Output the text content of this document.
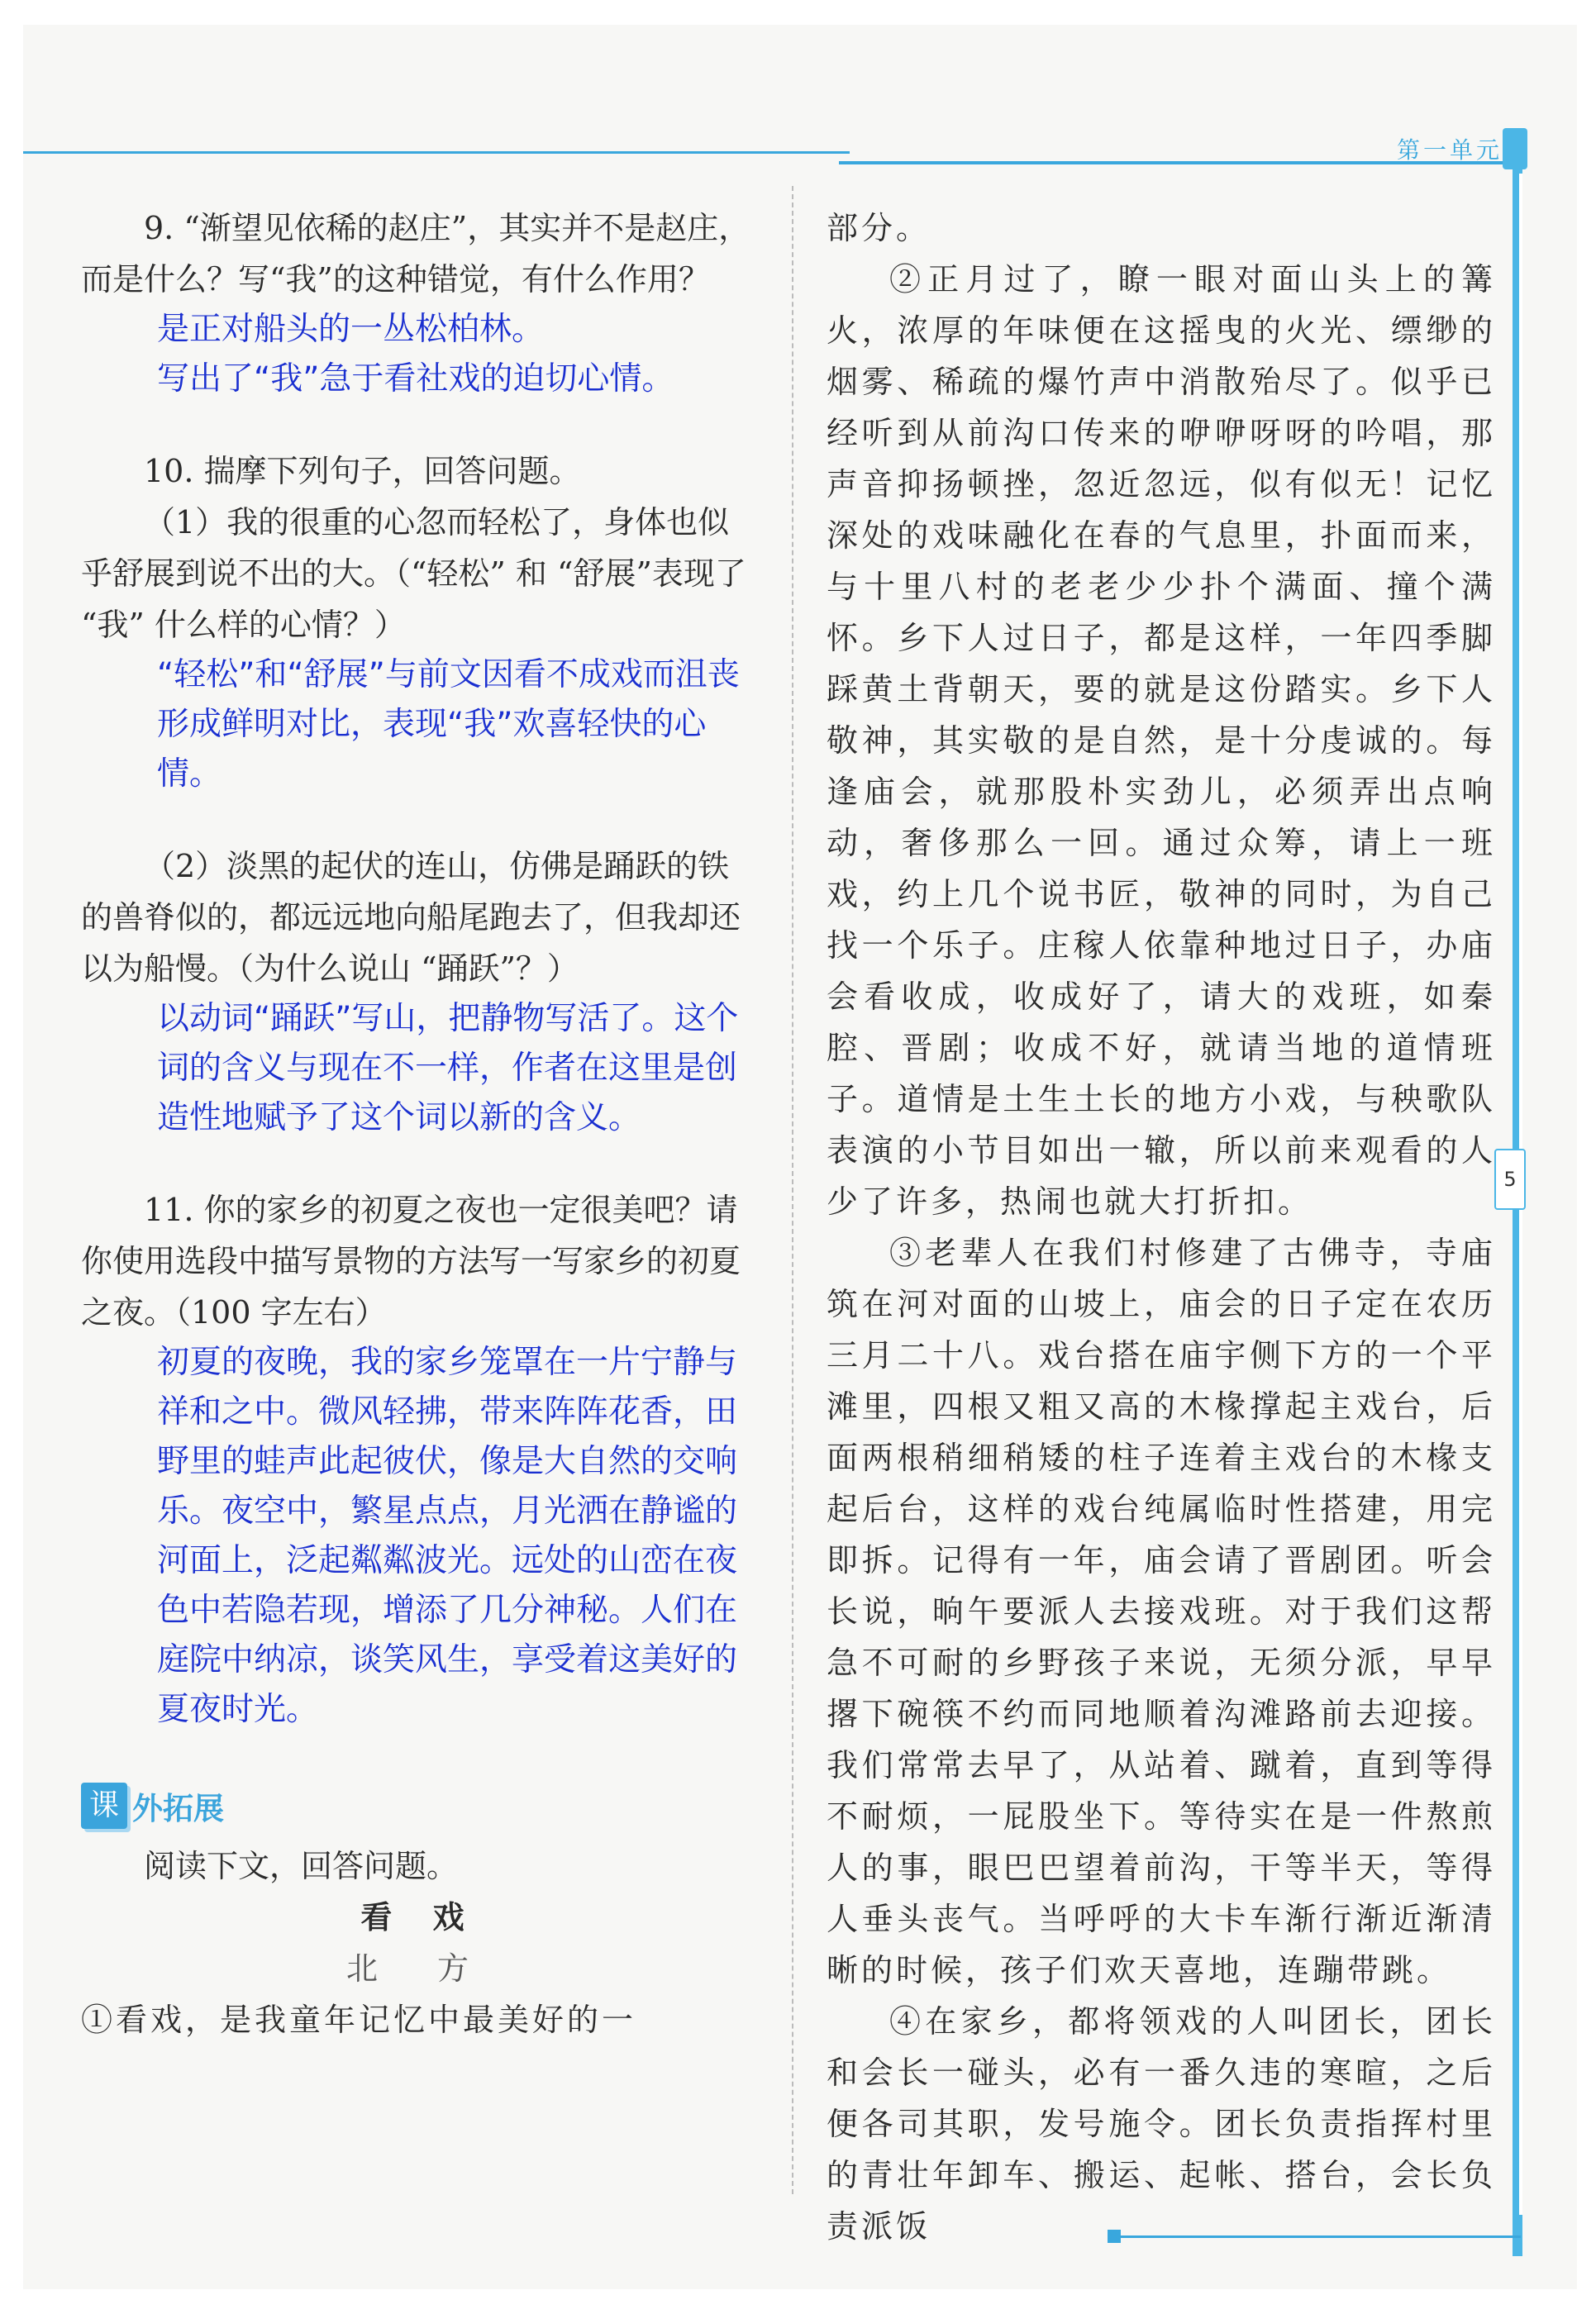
第一单元
5

9. “渐望见依稀的赵庄”，其实并不是赵庄，而是什么？写“我”的这种错觉，有什么作用？

是正对船头的一丛松柏林。

写出了“我”急于看社戏的迫切心情。

10. 揣摩下列句子，回答问题。

（1）我的很重的心忽而轻松了，身体也似乎舒展到说不出的大。（“轻松” 和 “舒展”表现了 “我” 什么样的心情？）

“轻松”和“舒展”与前文因看不成戏而沮丧形成鲜明对比，表现“我”欢喜轻快的心情。

（2）淡黑的起伏的连山，仿佛是踊跃的铁的兽脊似的，都远远地向船尾跑去了，但我却还以为船慢。（为什么说山 “踊跃”？）

以动词“踊跃”写山，把静物写活了。这个词的含义与现在不一样，作者在这里是创造性地赋予了这个词以新的含义。

11. 你的家乡的初夏之夜也一定很美吧？请你使用选段中描写景物的方法写一写家乡的初夏之夜。（100 字左右）

初夏的夜晚，我的家乡笼罩在一片宁静与祥和之中。微风轻拂，带来阵阵花香，田野里的蛙声此起彼伏，像是大自然的交响乐。夜空中，繁星点点，月光洒在静谧的河面上，泛起粼粼波光。远处的山峦在夜色中若隐若现，增添了几分神秘。人们在庭院中纳凉，谈笑风生，享受着这美好的夏夜时光。

课 外拓展

阅读下文，回答问题。

看 戏
北 方

①看戏，是我童年记忆中最美好的一

部分。

②正月过了，瞭一眼对面山头上的篝火，浓厚的年味便在这摇曳的火光、缥缈的烟雾、稀疏的爆竹声中消散殆尽了。似乎已经听到从前沟口传来的咿咿呀呀的吟唱，那声音抑扬顿挫，忽近忽远，似有似无！记忆深处的戏味融化在春的气息里，扑面而来，与十里八村的老老少少扑个满面、撞个满怀。乡下人过日子，都是这样，一年四季脚踩黄土背朝天，要的就是这份踏实。乡下人敬神，其实敬的是自然，是十分虔诚的。每逢庙会，就那股朴实劲儿，必须弄出点响动，奢侈那么一回。通过众筹，请上一班戏，约上几个说书匠，敬神的同时，为自己找一个乐子。庄稼人依靠种地过日子，办庙会看收成，收成好了，请大的戏班，如秦腔、晋剧；收成不好，就请当地的道情班子。道情是土生土长的地方小戏，与秧歌队表演的小节目如出一辙，所以前来观看的人少了许多，热闹也就大打折扣。

③老辈人在我们村修建了古佛寺，寺庙筑在河对面的山坡上，庙会的日子定在农历三月二十八。戏台搭在庙宇侧下方的一个平滩里，四根又粗又高的木椽撑起主戏台，后面两根稍细稍矮的柱子连着主戏台的木椽支起后台，这样的戏台纯属临时性搭建，用完即拆。记得有一年，庙会请了晋剧团。听会长说，晌午要派人去接戏班。对于我们这帮急不可耐的乡野孩子来说，无须分派，早早撂下碗筷不约而同地顺着沟滩路前去迎接。我们常常去早了，从站着、蹴着，直到等得不耐烦，一屁股坐下。等待实在是一件熬煎人的事，眼巴巴望着前沟，干等半天，等得人垂头丧气。当呼呼的大卡车渐行渐近渐清晰的时候，孩子们欢天喜地，连蹦带跳。

④在家乡，都将领戏的人叫团长，团长和会长一碰头，必有一番久违的寒暄，之后便各司其职，发号施令。团长负责指挥村里的青壮年卸车、搬运、起帐、搭台，会长负责派饭
